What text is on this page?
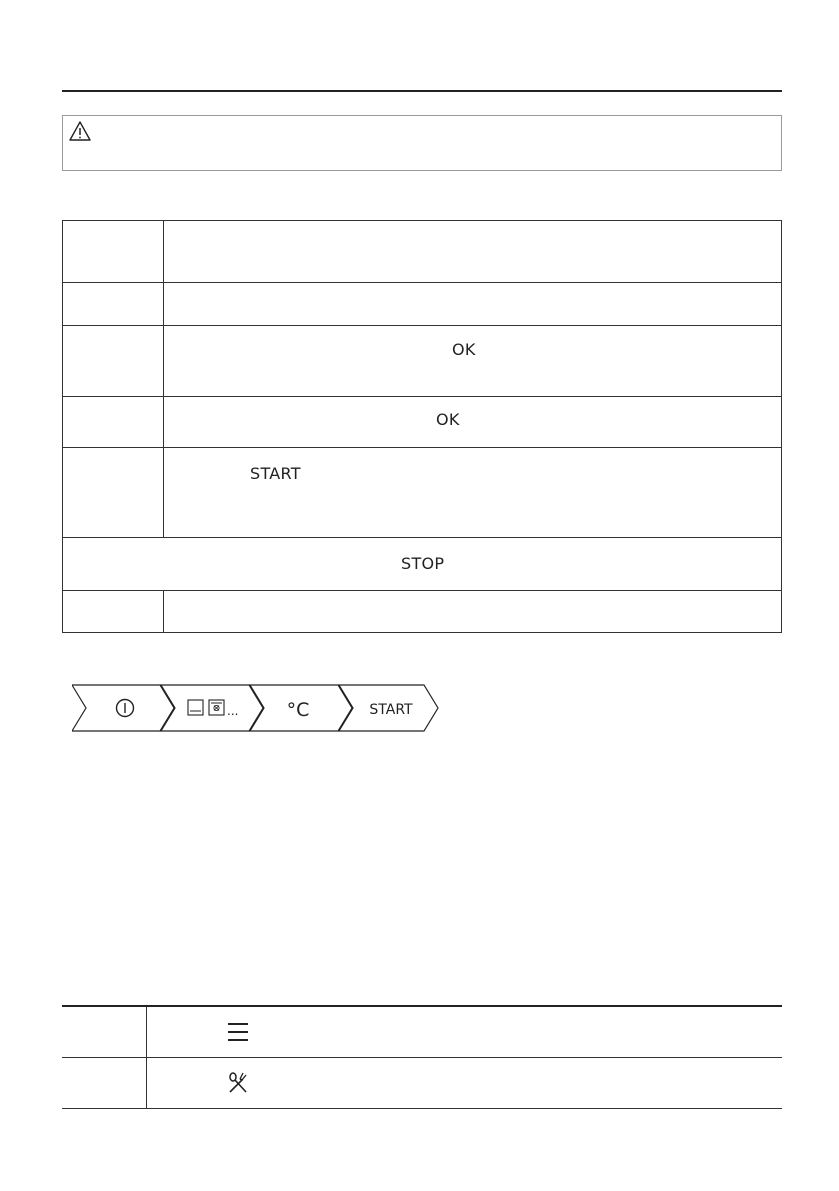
	OK

	OK

	START

STOP	

...	°C	START
